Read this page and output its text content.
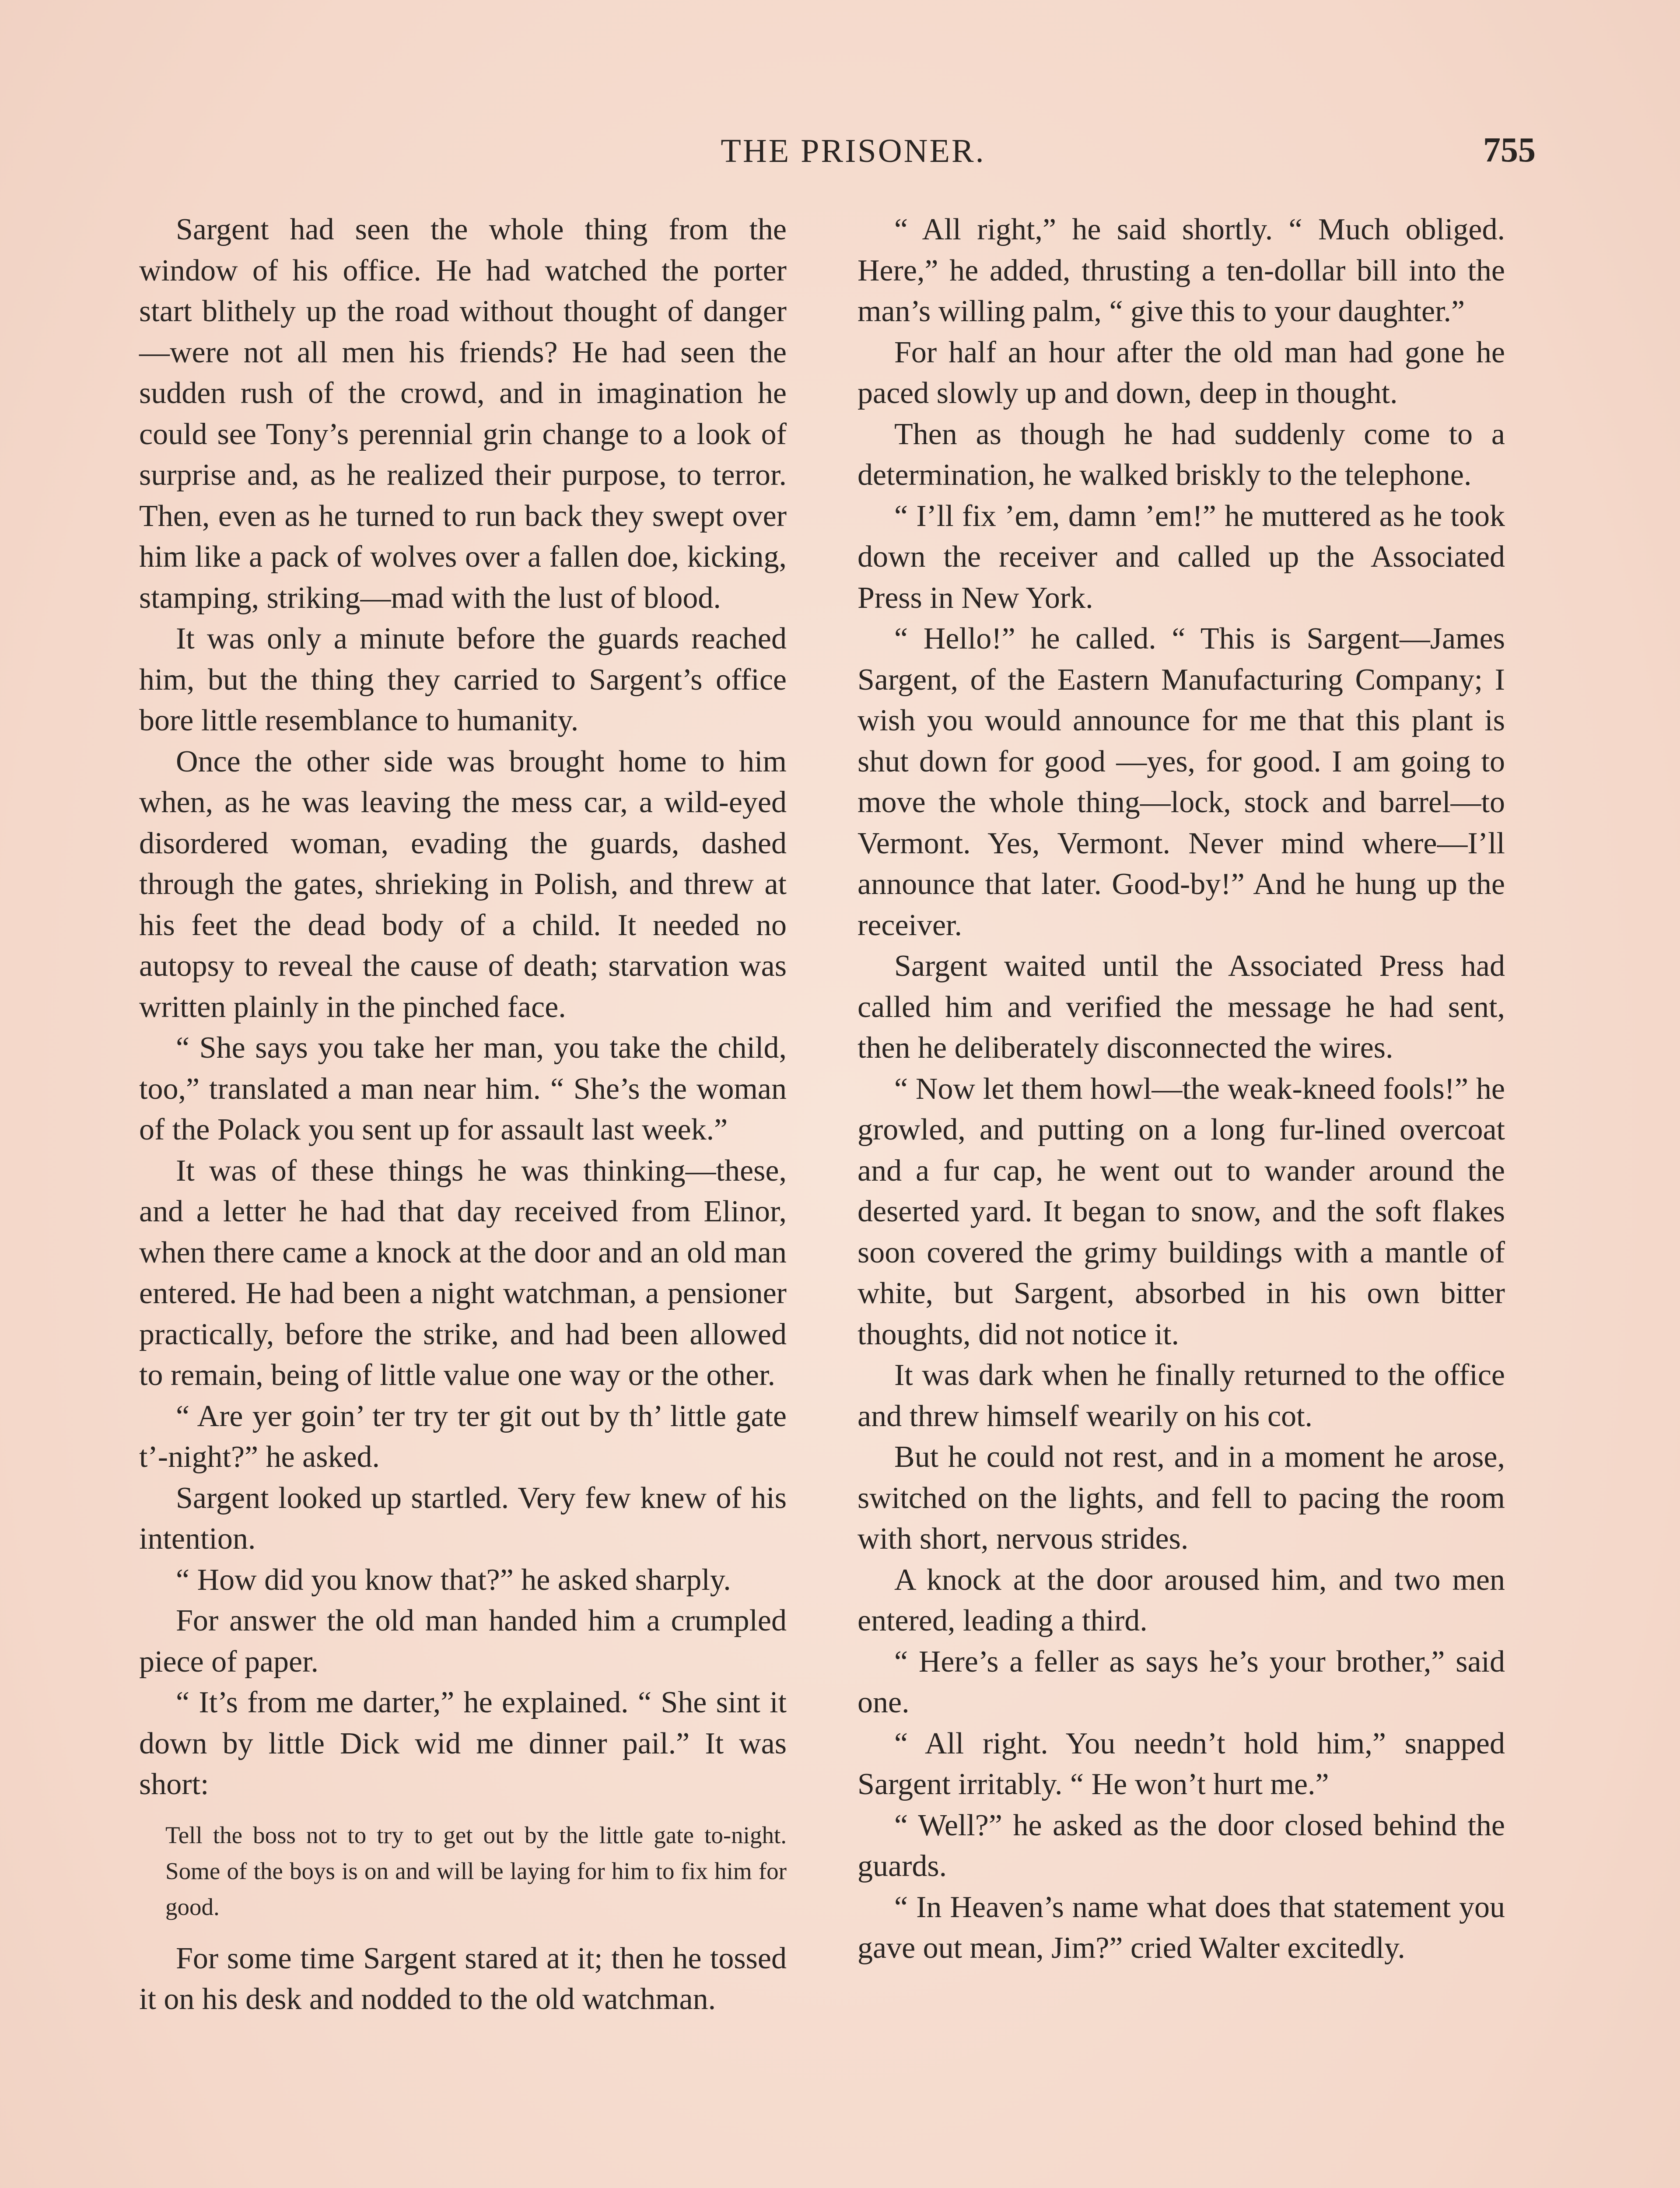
THE PRISONER.	755

Sargent had seen the whole thing from the window of his office. He had watched the porter start blithely up the road without thought of danger—were not all men his friends? He had seen the sudden rush of the crowd, and in imagination he could see Tony’s perennial grin change to a look of surprise and, as he realized their purpose, to terror. Then, even as he turned to run back they swept over him like a pack of wolves over a fallen doe, kicking, stamping, striking—mad with the lust of blood.

It was only a minute before the guards reached him, but the thing they carried to Sargent’s office bore little resemblance to humanity.

Once the other side was brought home to him when, as he was leaving the mess car, a wild-eyed disordered woman, evading the guards, dashed through the gates, shrieking in Polish, and threw at his feet the dead body of a child. It needed no autopsy to reveal the cause of death; starvation was written plainly in the pinched face.

“ She says you take her man, you take the child, too,” translated a man near him. “ She’s the woman of the Polack you sent up for assault last week.”

It was of these things he was thinking—these, and a letter he had that day received from Elinor, when there came a knock at the door and an old man entered. He had been a night watchman, a pensioner practically, before the strike, and had been allowed to remain, being of little value one way or the other.

“ Are yer goin’ ter try ter git out by th’ little gate t’-night?” he asked.

Sargent looked up startled. Very few knew of his intention.

“ How did you know that?” he asked sharply.

For answer the old man handed him a crumpled piece of paper.

“ It’s from me darter,” he explained. “ She sint it down by little Dick wid me dinner pail.” It was short:

Tell the boss not to try to get out by the little gate to-night. Some of the boys is on and will be laying for him to fix him for good.

For some time Sargent stared at it; then he tossed it on his desk and nodded to the old watchman.

“ All right,” he said shortly. “ Much obliged. Here,” he added, thrusting a ten-dollar bill into the man’s willing palm, “ give this to your daughter.”

For half an hour after the old man had gone he paced slowly up and down, deep in thought.

Then as though he had suddenly come to a determination, he walked briskly to the telephone.

“ I’ll fix ’em, damn ’em!” he muttered as he took down the receiver and called up the Associated Press in New York.

“ Hello!” he called. “ This is Sargent—James Sargent, of the Eastern Manufacturing Company; I wish you would announce for me that this plant is shut down for good —yes, for good. I am going to move the whole thing—lock, stock and barrel—to Vermont. Yes, Vermont. Never mind where—I’ll announce that later. Good-by!” And he hung up the receiver.

Sargent waited until the Associated Press had called him and verified the message he had sent, then he deliberately disconnected the wires.

“ Now let them howl—the weak-kneed fools!” he growled, and putting on a long fur-lined overcoat and a fur cap, he went out to wander around the deserted yard. It began to snow, and the soft flakes soon covered the grimy buildings with a mantle of white, but Sargent, absorbed in his own bitter thoughts, did not notice it.

It was dark when he finally returned to the office and threw himself wearily on his cot.

But he could not rest, and in a moment he arose, switched on the lights, and fell to pacing the room with short, nervous strides.

A knock at the door aroused him, and two men entered, leading a third.

“ Here’s a feller as says he’s your brother,” said one.

“ All right. You needn’t hold him,” snapped Sargent irritably. “ He won’t hurt me.”

“ Well?” he asked as the door closed behind the guards.

“ In Heaven’s name what does that statement you gave out mean, Jim?” cried Walter excitedly.
